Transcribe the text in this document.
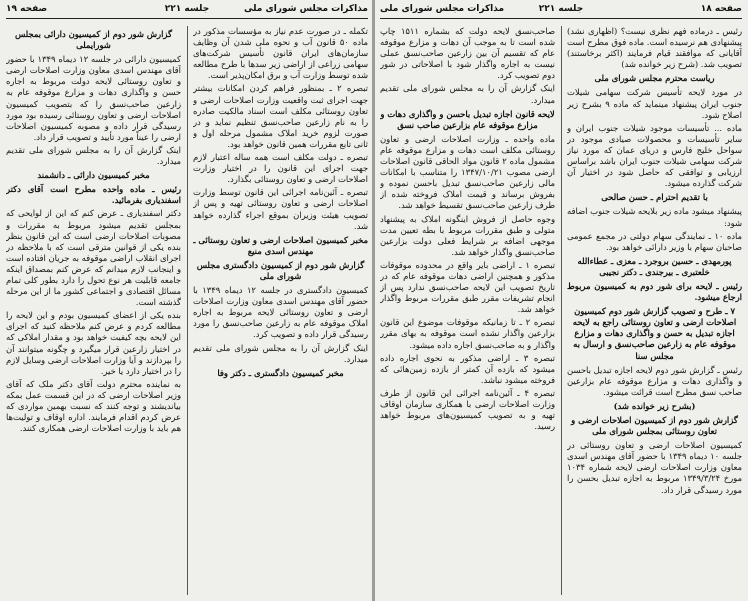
صفحه ۱۹	جلسه ۲۲۱	مذاکرات مجلس شورای ملی

تکمله ـ در صورت عدم نیاز به مؤسسات مذکور در ماده ۵۰ قانون آب و نحوه ملی شدن آن وظایف سازمان‌های ایران قانون تأسیس شرکت‌های سهامی زراعی از اراضی زیر سدها با طرح مطالعه شده توسط وزارت آب و برق امکان‌پذیر است.

تبصره ۲ ـ بمنظور فراهم کردن امکانات بیشتر جهت اجرای ثبت واقعیت وزارت اصلاحات ارضی و تعاون روستائی مکلف است اسناد مالکیت صادره را به نام زارعین صاحب‌نسق تنظیم نماید و در صورت لزوم خرید املاک مشمول مرحله اول و ثانی تابع مقررات همین قانون خواهد بود.

تبصره ـ دولت مکلف است همه ساله اعتبار لازم جهت اجرای این قانون را در اختیار وزارت اصلاحات ارضی و تعاون روستائی بگذارد.

تبصره ـ آئین‌نامه اجرائی این قانون توسط وزارت اصلاحات ارضی و تعاون روستائی تهیه و پس از تصویب هیئت وزیران بموقع اجراء گذارده خواهد شد.

مخبر کمیسیون اصلاحات ارضی و تعاون روستائی ـ مهندس اسدی منیع

گزارش شور دوم از کمیسیون دادگستری مجلس شورای ملی

کمیسیون دادگستری در جلسه ۱۲ دیماه ۱۳۴۹ با حضور آقای مهندس اسدی معاون وزارت اصلاحات ارضی و تعاون روستائی لایحه مربوط به اجاره املاک موقوفه عام به زارعین صاحب‌نسق را مورد رسیدگی قرار داده و تصویب کرد.

اینک گزارش آن را به مجلس شورای ملی تقدیم میدارد.

مخبر کمیسیون دادگستری ـ دکتر وفا

گزارش شور دوم از کمیسیون دارائی بمجلس شورایملی

کمیسیون دارائی در جلسه ۱۲ دیماه ۱۳۴۹ با حضور آقای مهندس اسدی معاون وزارت اصلاحات ارضی و تعاون روستائی لایحه دولت مربوط به اجاره حسن و واگذاری دهات و مزارع موقوفه عام به زارعین صاحب‌نسق را که بتصویب کمیسیون اصلاحات ارضی و تعاون روستائی رسیده بود مورد رسیدگی قرار داده و مصوبه کمیسیون اصلاحات ارضی را عیناً مورد تأیید و تصویب قرار داد.

اینک گزارش آن را به مجلس شورای ملی تقدیم میدارد.

مخبر کمیسیون دارائی ـ دانشمند

رئیس ـ ماده واحده مطرح است آقای دکتر اسفندیاری بفرمائید.

دکتر اسفندیاری ـ عرض کنم که این از لوایحی که بمجلس تقدیم میشود مربوط به مقررات و مصوبات اصلاحات ارضی است که این قانون بنظر بنده یکی از قوانین مترقی است که با ملاحظه در اجرای انقلاب اراضی موقوفه به جریان افتاده است و اینجانب لازم میدانم که عرض کنم بمصداق اینکه جامعه قابلیت هر نوع تحول را دارد بطور کلی تمام مسائل اقتصادی و اجتماعی کشور ما از این مرحله گذشته است.

بنده یکی از اعضای کمیسیون بودم و این لایحه را مطالعه کردم و عرض کنم ملاحظه کنید که اجرای این لایحه بچه کیفیت خواهد بود و مقدار املاکی که در اختیار زارعین قرار میگیرد و چگونه میتوانند آن را بپردازند و آیا وزارت اصلاحات ارضی وسایل لازم را در اختیار دارد یا خیر.

به نماینده محترم دولت آقای دکتر ملک که آقای وزیر اصلاحات ارضی که در این قسمت عمل بمکه بیاندیشند و توجه کنند که نسبت بهمین مواردی که عرض کردم اقدام فرمایند. اداره اوقاف و تولیت‌ها هم باید با وزارت اصلاحات ارضی همکاری کنند.

مذاکرات مجلس شورای ملی	جلسه ۲۲۱	صفحه ۱۸

رئیس ـ درماده فهم نظری نیست؟ (اظهاری نشد) پیشنهادی هم نرسیده است. ماده فوق مطرح است آقایانی که موافقند قیام فرمایند (اکثر برخاستند) تصویب شد. (شرح زیر خوانده شد)

ریاست محترم مجلس شورای ملی

در مورد لایحه تأسیس شرکت سهامی شیلات جنوب ایران پیشنهاد مینماید که ماده ۹ بشرح زیر اصلاح شود.

ماده ... تأسیسات موجود شیلات جنوب ایران و سایر تأسیسات و محصولات صیادی موجود در سواحل خلیج فارس و دریای عمان که مورد نیاز شرکت سهامی شیلات جنوب ایران باشد براساس ارزیابی و توافقی که حاصل شود در اختیار آن شرکت گذارده میشود.

با تقدیم احترام ـ حسن صالحی

پیشنهاد میشود ماده زیر بلایحه شیلات جنوب اضافه شود:

ماده ۱۰ ـ نمایندگی سهام دولتی در مجمع عمومی صاحبان سهام با وزیر دارائی خواهد بود.

پورمهدی ـ حسین بروجرد ـ معزی ـ عطاءالله خلعتبری ـ بیرجندی ـ دکتر نجیبی

رئیس ـ لایحه برای شور دوم به کمیسیون مربوط ارجاع میشود.

۷ ـ طرح و تصویب گزارش شور دوم کمیسیون اصلاحات ارضی و تعاون روستائی راجع به لایحه اجازه تبدیل به حسن و واگذاری دهات و مزارع موقوفه عام به زارعین صاحب‌نسق و ارسال به مجلس سنا

رئیس ـ گزارش شور دوم لایحه اجازه تبدیل باحسن و واگذاری دهات و مزارع موقوفه عام بزارعین صاحب نسق مطرح است قرائت میشود.

(بشرح زیر خوانده شد)

گزارش شور دوم از کمیسیون اصلاحات ارضی و تعاون روستائی بمجلس شورای ملی

کمیسیون اصلاحات ارضی و تعاون روستائی در جلسه ۱۰ دیماه ۱۳۴۹ با حضور آقای مهندس اسدی معاون وزارت اصلاحات ارضی لایحه شماره ۱۰۳۴ مورخ ۱۳۴۹/۳/۲۴ مربوط به اجازه تبدیل بحسن را مورد رسیدگی قرار داد.

صاحب‌نسق لایحه دولت که بشماره ۱۵۱۱ چاپ شده است تا به موجب آن دهات و مزارع موقوفه عام که تقسیم آن بین زارعین صاحب‌نسق عملی نیست به اجاره واگذار شود با اصلاحاتی در شور دوم تصویب کرد.

اینک گزارش آن را به مجلس شورای ملی تقدیم میدارد.

لایحه قانون اجازه تبدیل باحسن و واگذاری دهات و مزارع موقوفه عام بزارعین صاحب نسق

ماده واحده ـ وزارت اصلاحات ارضی و تعاون روستائی مکلف است دهات و مزارع موقوفه عام مشمول ماده ۲ قانون مواد الحاقی قانون اصلاحات ارضی مصوب ۱۳۴۷/۱۰/۲۱ را متناسب با امکانات مالی زارعین صاحب‌نسق تبدیل باحسن نموده و بفروش برساند و قیمت املاک فروخته شده از طرف زارعین صاحب‌نسق تقسیط خواهد شد.

وجوه حاصل از فروش اینگونه املاک به پیشنهاد متولی و طبق مقررات مربوط با بطه تعیین مدت موجهی اضافه بر شرایط فعلی دولت بزارعین صاحب‌نسق واگذار خواهد شد.

تبصره ۱ ـ اراضی بایر واقع در محدوده موقوفات مذکور و همچنین اراضی دهات موقوفه عام که در تاریخ تصویب این لایحه صاحب‌نسق ندارد پس از انجام تشریفات مقرر طبق مقررات مربوط واگذار خواهد شد.

تبصره ۲ ـ تا زمانیکه موقوفات موضوع این قانون بزارعین واگذار نشده است موقوفه به بهای مقرر واگذار و به صاحب‌نسق اجاره داده میشود.

تبصره ۳ ـ اراضی مذکور به نحوی اجاره داده میشود که بازده آن کمتر از بازده زمین‌هائی که فروخته میشود نباشد.

تبصره ۴ ـ آئین‌نامه اجرائی این قانون از طرف وزارت اصلاحات ارضی با همکاری سازمان اوقاف تهیه و به تصویب کمیسیون‌های مربوط خواهد رسید.
